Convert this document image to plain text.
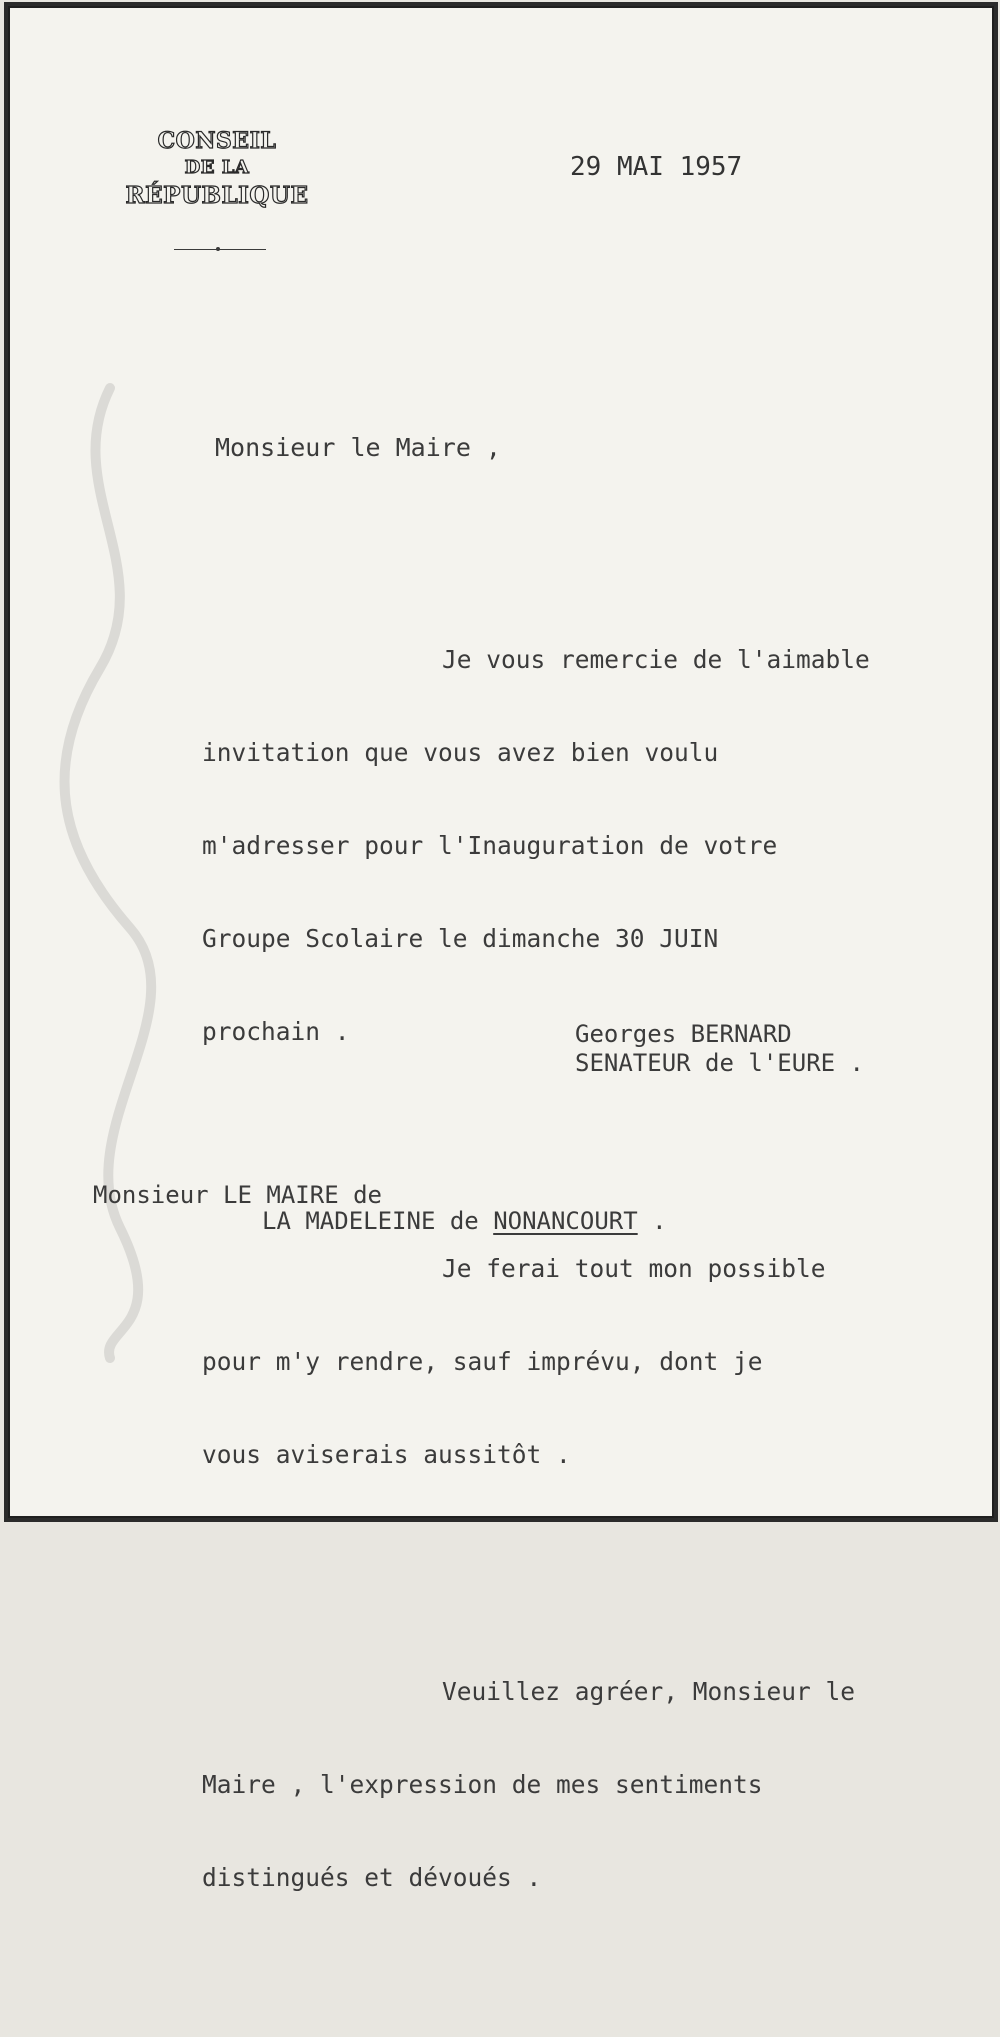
CONSEIL
DE LA
RÉPUBLIQUE
29 MAI 1957
Monsieur le Maire ,

Je vous remercie de l'aimable

invitation que vous avez bien voulu

m'adresser pour l'Inauguration de votre

Groupe Scolaire le dimanche 30 JUIN

prochain .

Je ferai tout mon possible

pour m'y rendre, sauf imprévu, dont je

vous aviserais aussitôt .

Veuillez agréer, Monsieur le

Maire , l'expression de mes sentiments

distingués et dévoués .

Georges BERNARD
SENATEUR de l'EURE .
Monsieur LE MAIRE de
LA MADELEINE de NONANCOURT .
